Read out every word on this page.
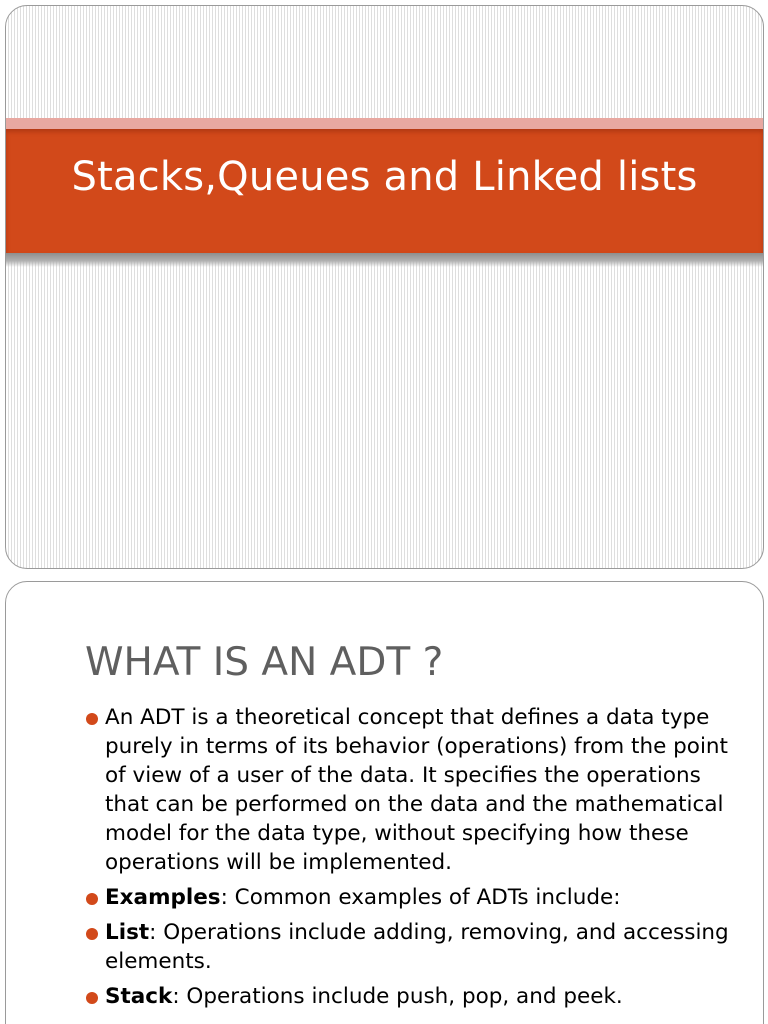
Stacks,Queues and Linked lists
WHAT IS AN ADT ?
An ADT is a theoretical concept that defines a data type purely in terms of its behavior (operations) from the point of view of a user of the data. It specifies the operations that can be performed on the data and the mathematical model for the data type, without specifying how these operations will be implemented.
Examples: Common examples of ADTs include:
List: Operations include adding, removing, and accessing elements.
Stack: Operations include push, pop, and peek.
